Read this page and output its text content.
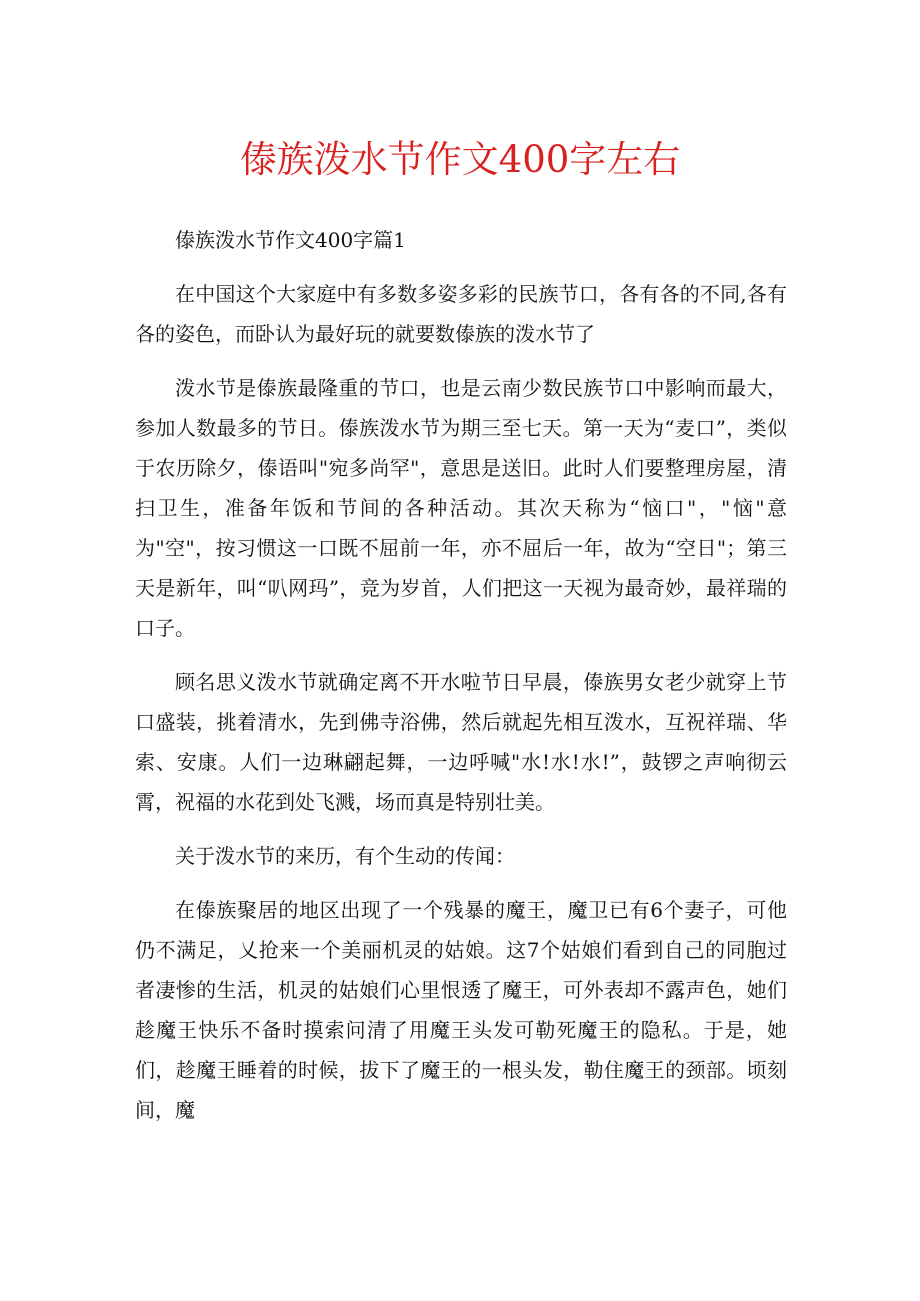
傣族泼水节作文400字左右

傣族泼水节作文400字篇1

在中国这个大家庭中有多数多姿多彩的民族节口，各有各的不同,各有各的姿色，而卧认为最好玩的就要数傣族的泼水节了

泼水节是傣族最隆重的节口，也是云南少数民族节口中影响而最大，参加人数最多的节日。傣族泼水节为期三至七天。第一天为“麦口”，类似于农历除夕，傣语叫"宛多尚罕"，意思是送旧。此时人们要整理房屋，清扫卫生，准备年饭和节间的各种活动。其次天称为“恼口"，"恼"意为"空"，按习惯这一口既不屈前一年，亦不屈后一年，故为“空日"；第三天是新年，叫“叭网玛”，竞为岁首，人们把这一天视为最奇妙，最祥瑞的口子。

顾名思义泼水节就确定离不开水啦节日早晨，傣族男女老少就穿上节口盛装，挑着清水，先到佛寺浴佛，然后就起先相互泼水，互祝祥瑞、华索、安康。人们一边琳翩起舞，一边呼喊"水!水!水!”，鼓锣之声响彻云霄，祝福的水花到处飞溅，场而真是特别壮美。

关于泼水节的来历，有个生动的传闻：

在傣族聚居的地区出现了一个残暴的魔王，魔卫已有6个妻子，可他仍不满足，乂抢来一个美丽机灵的姑娘。这7个姑娘们看到自己的同胞过者凄惨的生活，机灵的姑娘们心里恨透了魔王，可外表却不露声色，她们趁魔王快乐不备时摸索问清了用魔王头发可勒死魔王的隐私。于是，她们，趁魔王睡着的时候，拔下了魔王的一根头发，勒住魔王的颈部。顷刻间，魔
